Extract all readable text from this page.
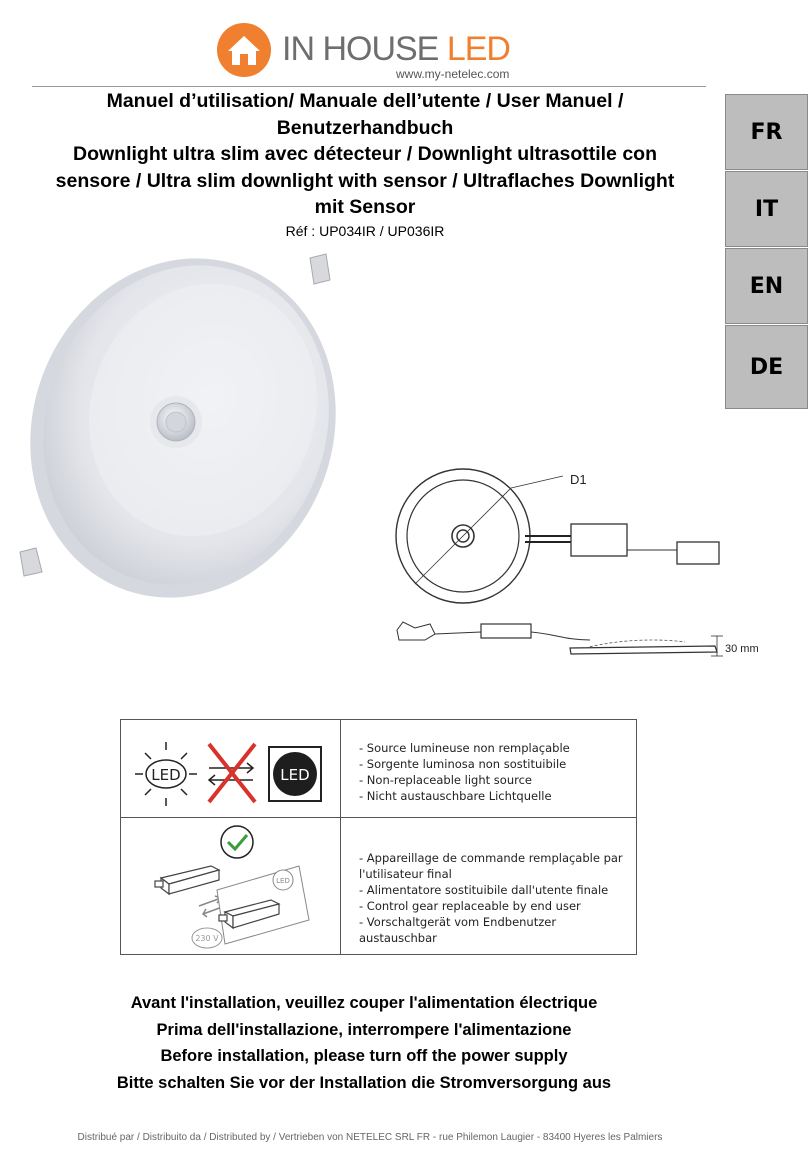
IN HOUSE LED
www.my-netelec.com
Manuel d’utilisation/ Manuale dell’utente / User Manuel /
Benutzerhandbuch
Downlight ultra slim avec détecteur / Downlight ultrasottile con
sensore / Ultra slim downlight with sensor / Ultraflaches Downlight
mit Sensor
Réf : UP034IR / UP036IR
FR
IT
EN
DE
D1
30 mm
LED	LED
- Source lumineuse non remplaçable
- Sorgente luminosa non sostituibile
- Non-replaceable light source
- Nicht austauschbare Lichtquelle
LED
230 V
- Appareillage de commande remplaçable par
l'utilisateur final
- Alimentatore sostituibile dall'utente finale
- Control gear replaceable by end user
- Vorschaltgerät vom Endbenutzer austauschbar
Avant l'installation, veuillez couper l'alimentation électrique
Prima dell'installazione, interrompere l'alimentazione
Before installation, please turn off the power supply
Bitte schalten Sie vor der Installation die Stromversorgung aus
Distribué par / Distribuito da / Distributed by / Vertrieben von NETELEC SRL FR - rue Philemon Laugier - 83400 Hyeres les Palmiers
